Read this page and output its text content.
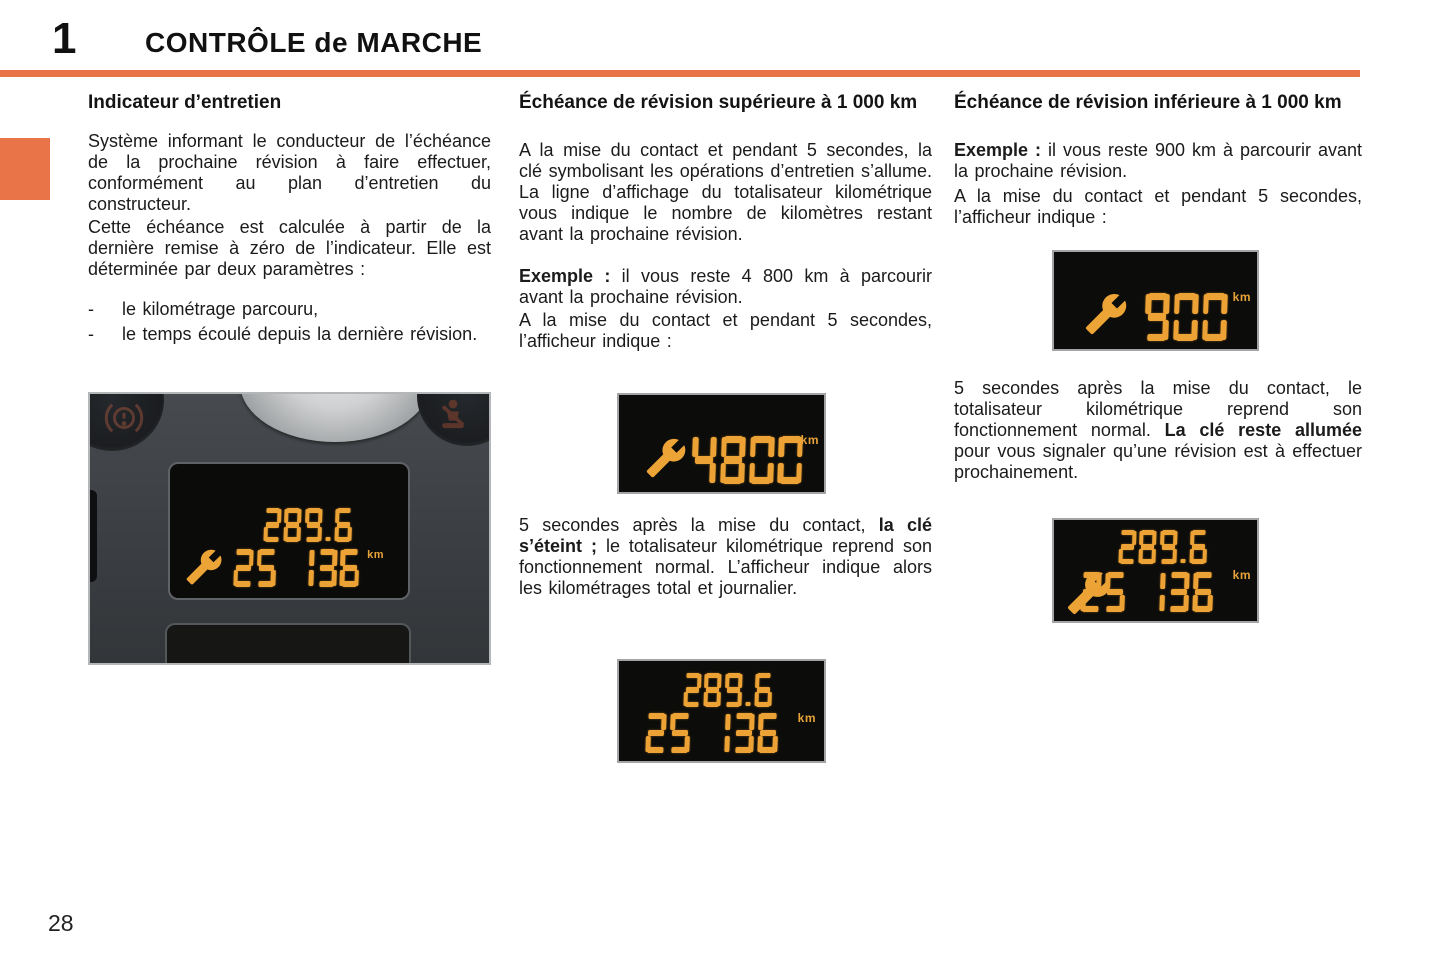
1 CONTRÔLE de MARCHE
Indicateur d’entretien

Système informant le conducteur de l’échéance de la prochaine révision à faire effectuer, conformément au plan d’entretien du constructeur.

Cette échéance est calculée à partir de la dernière remise à zéro de l’indicateur. Elle est déterminée par deux paramètres :

-	le kilométrage parcouru,
-	le temps écoulé depuis la dernière révision.
km
Échéance de révision supérieure à 1 000 km

A la mise du contact et pendant 5 secondes, la clé symbolisant les opérations d’entretien s’allume. La ligne d’affichage du totalisateur kilométrique vous indique le nombre de kilomètres restant avant la prochaine révision.

Exemple : il vous reste 4 800 km à parcourir avant la prochaine révision.

A la mise du contact et pendant 5 secondes, l’afficheur indique :

km

5 secondes après la mise du contact, la clé s’éteint ; le totalisateur kilométrique reprend son fonctionnement normal. L’afficheur indique alors les kilométrages total et journalier.

km
Échéance de révision inférieure à 1 000 km

Exemple : il vous reste 900 km à parcourir avant la prochaine révision.

A la mise du contact et pendant 5 secondes, l’afficheur indique :

km

5 secondes après la mise du contact, le totalisateur kilométrique reprend son fonctionnement normal. La clé reste allumée pour vous signaler qu’une révision est à effectuer prochainement.

km
28
